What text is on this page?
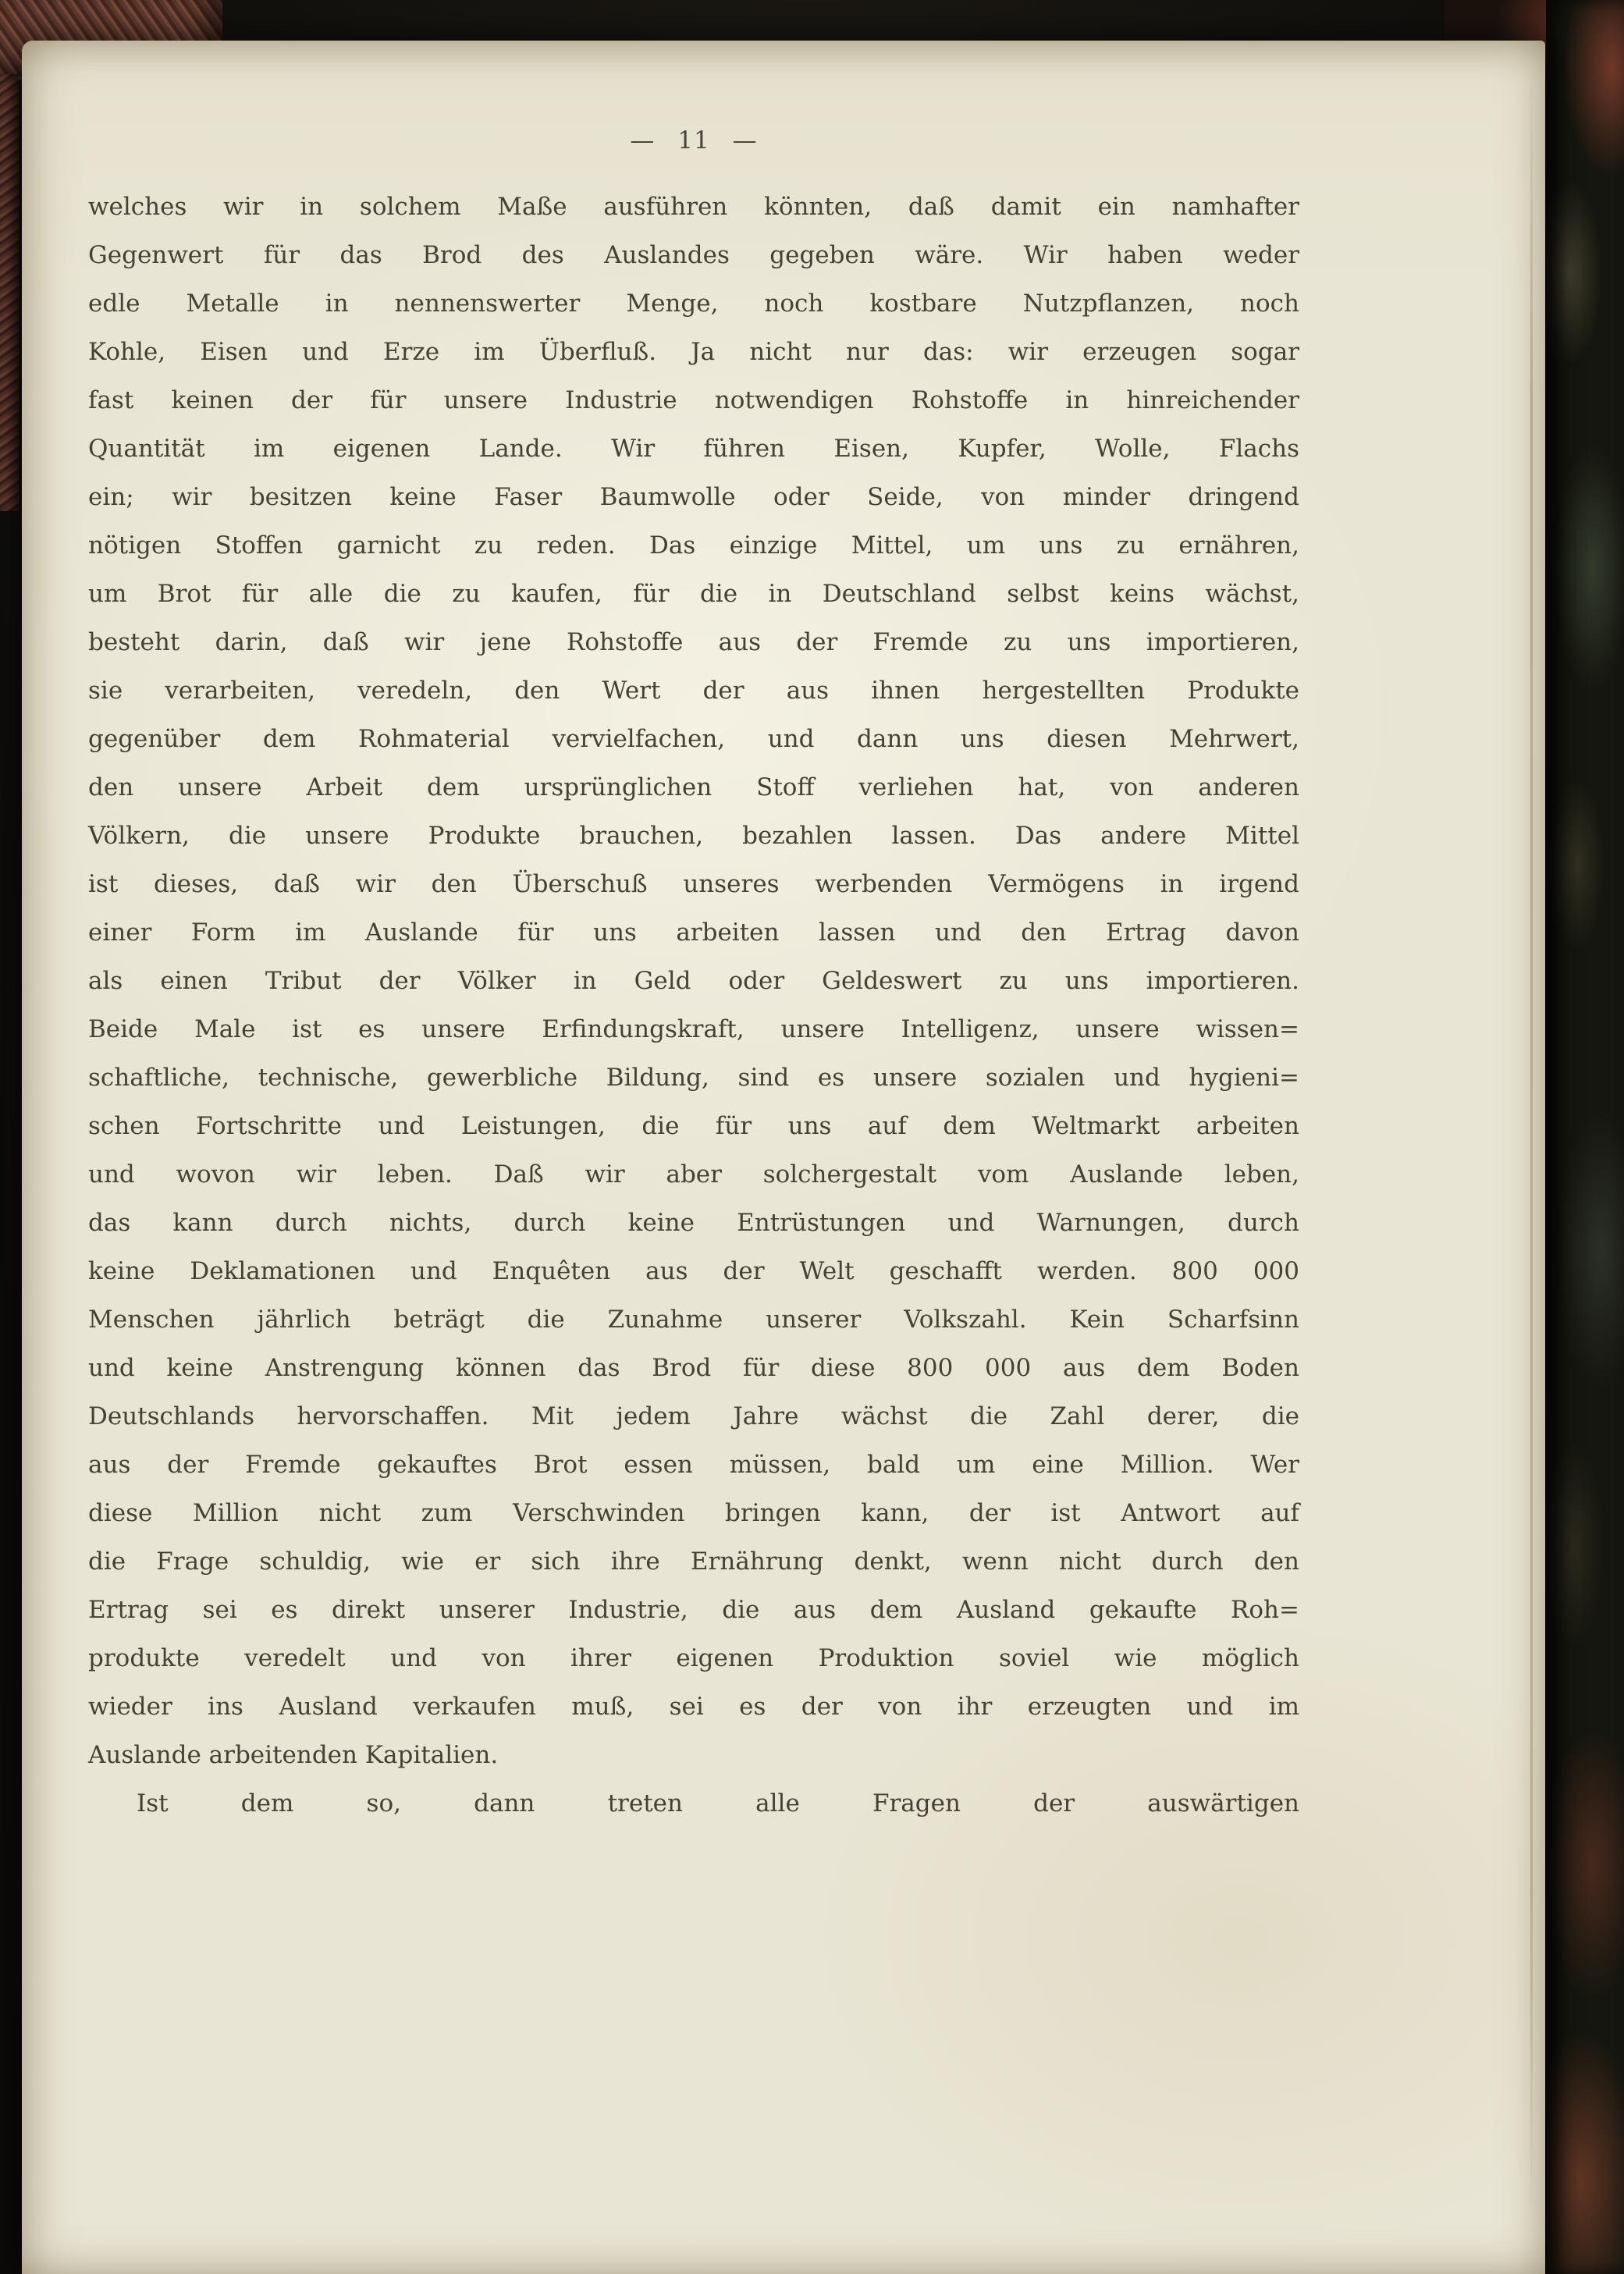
— 11 —
welches wir in solchem Maße ausführen könnten, daß damit ein namhafter
Gegenwert für das Brod des Auslandes gegeben wäre. Wir haben weder
edle Metalle in nennenswerter Menge, noch kostbare Nutzpflanzen, noch
Kohle, Eisen und Erze im Überfluß. Ja nicht nur das: wir erzeugen sogar
fast keinen der für unsere Industrie notwendigen Rohstoffe in hinreichender
Quantität im eigenen Lande. Wir führen Eisen, Kupfer, Wolle, Flachs
ein; wir besitzen keine Faser Baumwolle oder Seide, von minder dringend
nötigen Stoffen garnicht zu reden. Das einzige Mittel, um uns zu ernähren,
um Brot für alle die zu kaufen, für die in Deutschland selbst keins wächst,
besteht darin, daß wir jene Rohstoffe aus der Fremde zu uns importieren,
sie verarbeiten, veredeln, den Wert der aus ihnen hergestellten Produkte
gegenüber dem Rohmaterial vervielfachen, und dann uns diesen Mehrwert,
den unsere Arbeit dem ursprünglichen Stoff verliehen hat, von anderen
Völkern, die unsere Produkte brauchen, bezahlen lassen. Das andere Mittel
ist dieses, daß wir den Überschuß unseres werbenden Vermögens in irgend
einer Form im Auslande für uns arbeiten lassen und den Ertrag davon
als einen Tribut der Völker in Geld oder Geldeswert zu uns importieren.
Beide Male ist es unsere Erfindungskraft, unsere Intelligenz, unsere wissen=
schaftliche, technische, gewerbliche Bildung, sind es unsere sozialen und hygieni=
schen Fortschritte und Leistungen, die für uns auf dem Weltmarkt arbeiten
und wovon wir leben. Daß wir aber solchergestalt vom Auslande leben,
das kann durch nichts, durch keine Entrüstungen und Warnungen, durch
keine Deklamationen und Enquêten aus der Welt geschafft werden. 800 000
Menschen jährlich beträgt die Zunahme unserer Volkszahl. Kein Scharfsinn
und keine Anstrengung können das Brod für diese 800 000 aus dem Boden
Deutschlands hervorschaffen. Mit jedem Jahre wächst die Zahl derer, die
aus der Fremde gekauftes Brot essen müssen, bald um eine Million. Wer
diese Million nicht zum Verschwinden bringen kann, der ist Antwort auf
die Frage schuldig, wie er sich ihre Ernährung denkt, wenn nicht durch den
Ertrag sei es direkt unserer Industrie, die aus dem Ausland gekaufte Roh=
produkte veredelt und von ihrer eigenen Produktion soviel wie möglich
wieder ins Ausland verkaufen muß, sei es der von ihr erzeugten und im
Auslande arbeitenden Kapitalien.
Ist dem so, dann treten alle Fragen der auswärtigen
